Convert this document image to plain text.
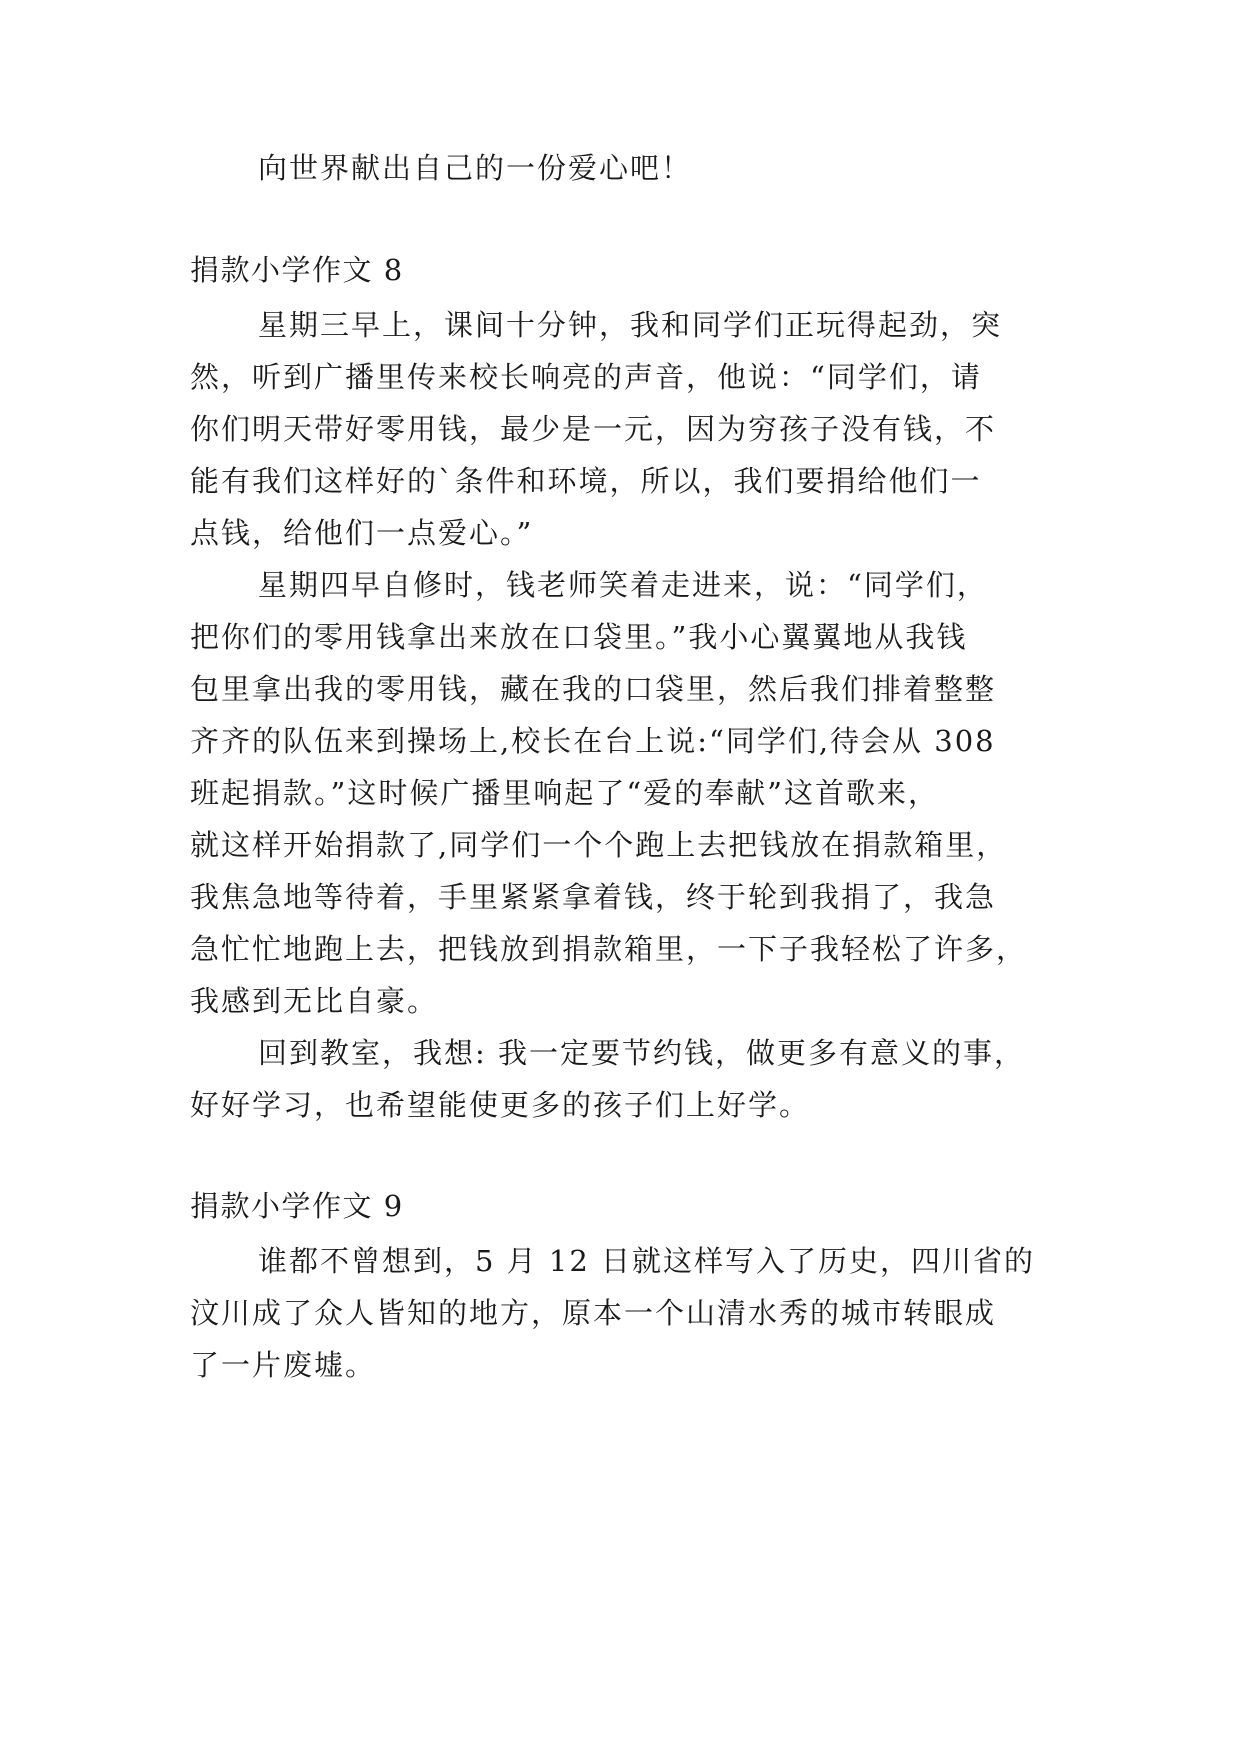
向世界献出自己的一份爱心吧！
捐款小学作文 8
星期三早上，课间十分钟，我和同学们正玩得起劲，突
然，听到广播里传来校长响亮的声音，他说：“同学们，请
你们明天带好零用钱，最少是一元，因为穷孩子没有钱，不
能有我们这样好的`条件和环境，所以，我们要捐给他们一
点钱，给他们一点爱心。”
星期四早自修时，钱老师笑着走进来，说：“同学们，
把你们的零用钱拿出来放在口袋里。”我小心翼翼地从我钱
包里拿出我的零用钱，藏在我的口袋里，然后我们排着整整
齐齐的队伍来到操场上,校长在台上说:“同学们,待会从 308
班起捐款。”这时候广播里响起了“爱的奉献”这首歌来，
就这样开始捐款了,同学们一个个跑上去把钱放在捐款箱里，
我焦急地等待着，手里紧紧拿着钱，终于轮到我捐了，我急
急忙忙地跑上去，把钱放到捐款箱里，一下子我轻松了许多，
我感到无比自豪。
回到教室，我想: 我一定要节约钱，做更多有意义的事，
好好学习，也希望能使更多的孩子们上好学。
捐款小学作文 9
谁都不曾想到，5 月 12 日就这样写入了历史，四川省的
汶川成了众人皆知的地方，原本一个山清水秀的城市转眼成
了一片废墟。
